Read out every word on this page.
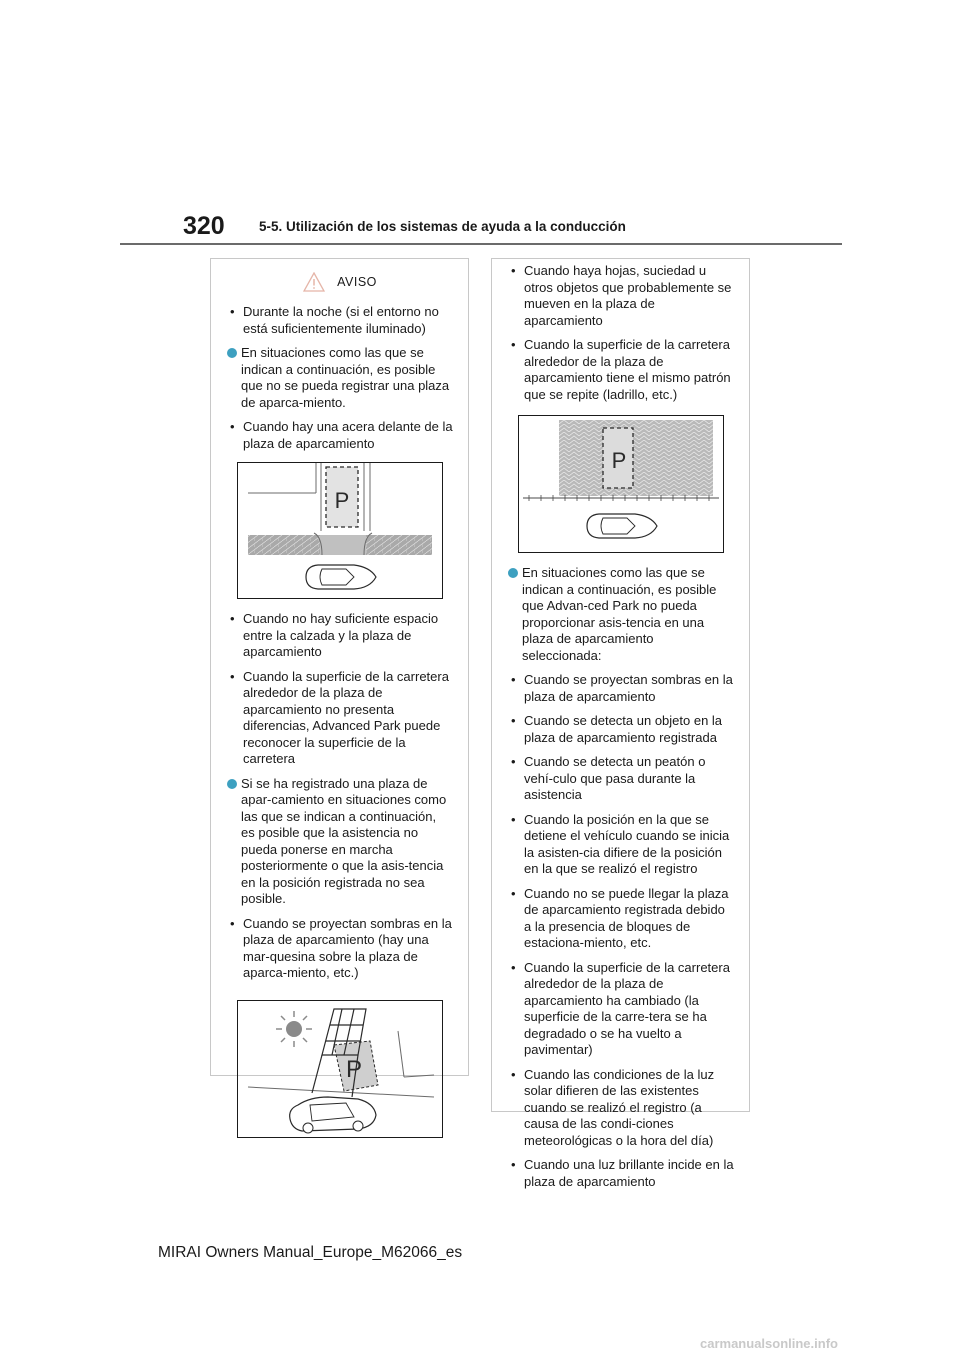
320	5-5. Utilización de los sistemas de ayuda a la conducción
AVISO
• Durante la noche (si el entorno no está suficientemente iluminado)
En situaciones como las que se indican a continuación, es posible que no se pueda registrar una plaza de aparca-miento.
• Cuando hay una acera delante de la plaza de aparcamiento
P
• Cuando no hay suficiente espacio entre la calzada y la plaza de aparcamiento
• Cuando la superficie de la carretera alrededor de la plaza de aparcamiento no presenta diferencias, Advanced Park puede reconocer la superficie de la carretera
Si se ha registrado una plaza de apar-camiento en situaciones como las que se indican a continuación, es posible que la asistencia no pueda ponerse en marcha posteriormente o que la asis-tencia en la posición registrada no sea posible.
• Cuando se proyectan sombras en la plaza de aparcamiento (hay una mar-quesina sobre la plaza de aparca-miento, etc.)
P
• Cuando haya hojas, suciedad u otros objetos que probablemente se mueven en la plaza de aparcamiento
• Cuando la superficie de la carretera alrededor de la plaza de aparcamiento tiene el mismo patrón que se repite (ladrillo, etc.)
P
En situaciones como las que se indican a continuación, es posible que Advan-ced Park no pueda proporcionar asis-tencia en una plaza de aparcamiento seleccionada:
• Cuando se proyectan sombras en la plaza de aparcamiento
• Cuando se detecta un objeto en la plaza de aparcamiento registrada
• Cuando se detecta un peatón o vehí-culo que pasa durante la asistencia
• Cuando la posición en la que se detiene el vehículo cuando se inicia la asisten-cia difiere de la posición en la que se realizó el registro
• Cuando no se puede llegar la plaza de aparcamiento registrada debido a la presencia de bloques de estaciona-miento, etc.
• Cuando la superficie de la carretera alrededor de la plaza de aparcamiento ha cambiado (la superficie de la carre-tera se ha degradado o se ha vuelto a pavimentar)
• Cuando las condiciones de la luz solar difieren de las existentes cuando se realizó el registro (a causa de las condi-ciones meteorológicas o la hora del día)
• Cuando una luz brillante incide en la plaza de aparcamiento
MIRAI Owners Manual_Europe_M62066_es
carmanualsonline.info
